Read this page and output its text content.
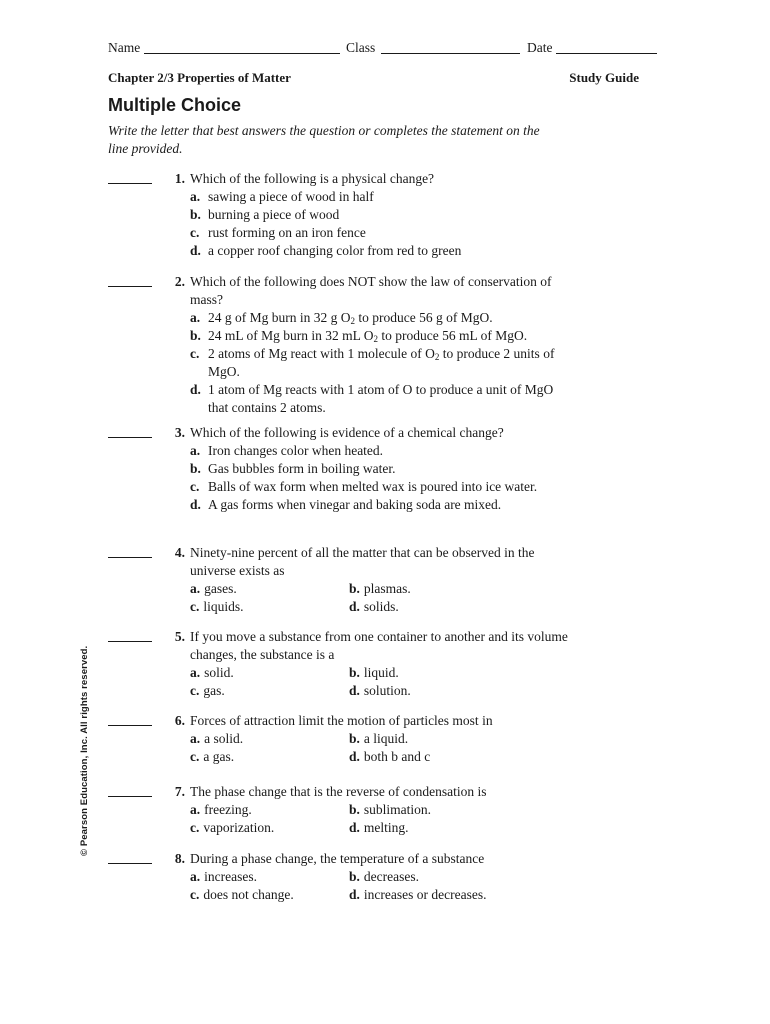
Name	Class	Date
Chapter 2/3 Properties of Matter	Study Guide
Multiple Choice
Write the letter that best answers the question or completes the statement on the line provided.
1. Which of the following is a physical change?
a. sawing a piece of wood in half
b. burning a piece of wood
c. rust forming on an iron fence
d. a copper roof changing color from red to green
2. Which of the following does NOT show the law of conservation of mass?
a. 24 g of Mg burn in 32 g $O_2$ to produce 56 g of MgO.
b. 24 mL of Mg burn in 32 mL $O_2$ to produce 56 mL of MgO.
c. 2 atoms of Mg react with 1 molecule of $O_2$ to produce 2 units of MgO.
d. 1 atom of Mg reacts with 1 atom of O to produce a unit of MgO that contains 2 atoms.
3. Which of the following is evidence of a chemical change?
a. Iron changes color when heated.
b. Gas bubbles form in boiling water.
c. Balls of wax form when melted wax is poured into ice water.
d. A gas forms when vinegar and baking soda are mixed.
4. Ninety-nine percent of all the matter that can be observed in the universe exists as
a. gases.	b. plasmas.
c. liquids.	d. solids.
5. If you move a substance from one container to another and its volume changes, the substance is a
a. solid.	b. liquid.
c. gas.	d. solution.
6. Forces of attraction limit the motion of particles most in
a. a solid.	b. a liquid.
c. a gas.	d. both b and c
7. The phase change that is the reverse of condensation is
a. freezing.	b. sublimation.
c. vaporization.	d. melting.
8. During a phase change, the temperature of a substance
a. increases.	b. decreases.
c. does not change.	d. increases or decreases.
© Pearson Education, Inc. All rights reserved.
